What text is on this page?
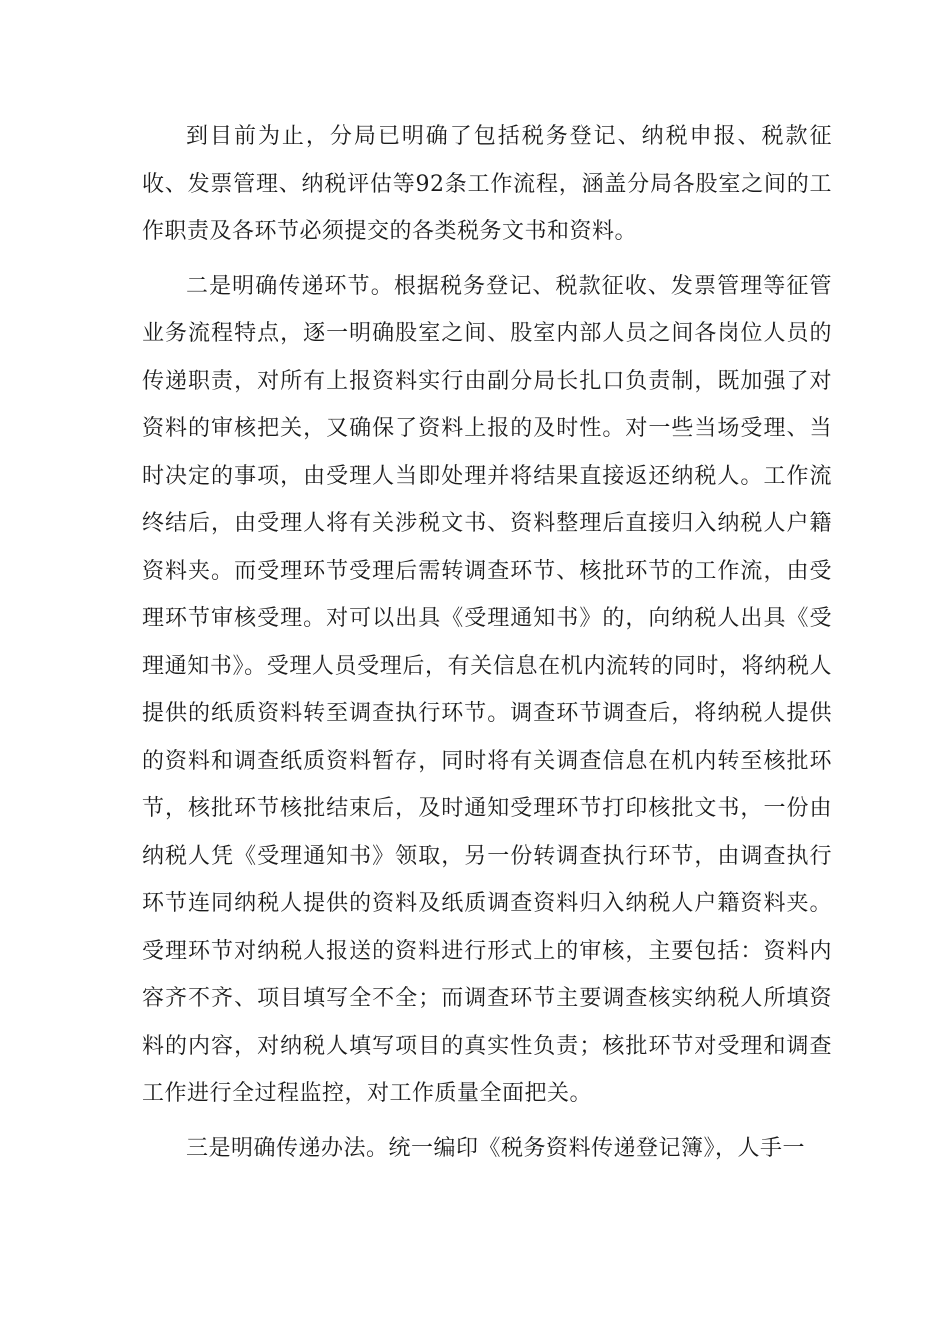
到目前为止，分局已明确了包括税务登记、纳税申报、税款征收、发票管理、纳税评估等92条工作流程，涵盖分局各股室之间的工作职责及各环节必须提交的各类税务文书和资料。

二是明确传递环节。根据税务登记、税款征收、发票管理等征管业务流程特点，逐一明确股室之间、股室内部人员之间各岗位人员的传递职责，对所有上报资料实行由副分局长扎口负责制，既加强了对资料的审核把关，又确保了资料上报的及时性。对一些当场受理、当时决定的事项，由受理人当即处理并将结果直接返还纳税人。工作流终结后，由受理人将有关涉税文书、资料整理后直接归入纳税人户籍资料夹。而受理环节受理后需转调查环节、核批环节的工作流，由受理环节审核受理。对可以出具《受理通知书》的，向纳税人出具《受理通知书》。受理人员受理后，有关信息在机内流转的同时，将纳税人提供的纸质资料转至调查执行环节。调查环节调查后，将纳税人提供的资料和调查纸质资料暂存，同时将有关调查信息在机内转至核批环节，核批环节核批结束后，及时通知受理环节打印核批文书，一份由纳税人凭《受理通知书》领取，另一份转调查执行环节，由调查执行环节连同纳税人提供的资料及纸质调查资料归入纳税人户籍资料夹。受理环节对纳税人报送的资料进行形式上的审核，主要包括：资料内容齐不齐、项目填写全不全；而调查环节主要调查核实纳税人所填资料的内容，对纳税人填写项目的真实性负责；核批环节对受理和调查工作进行全过程监控，对工作质量全面把关。

三是明确传递办法。统一编印《税务资料传递登记簿》，人手一
